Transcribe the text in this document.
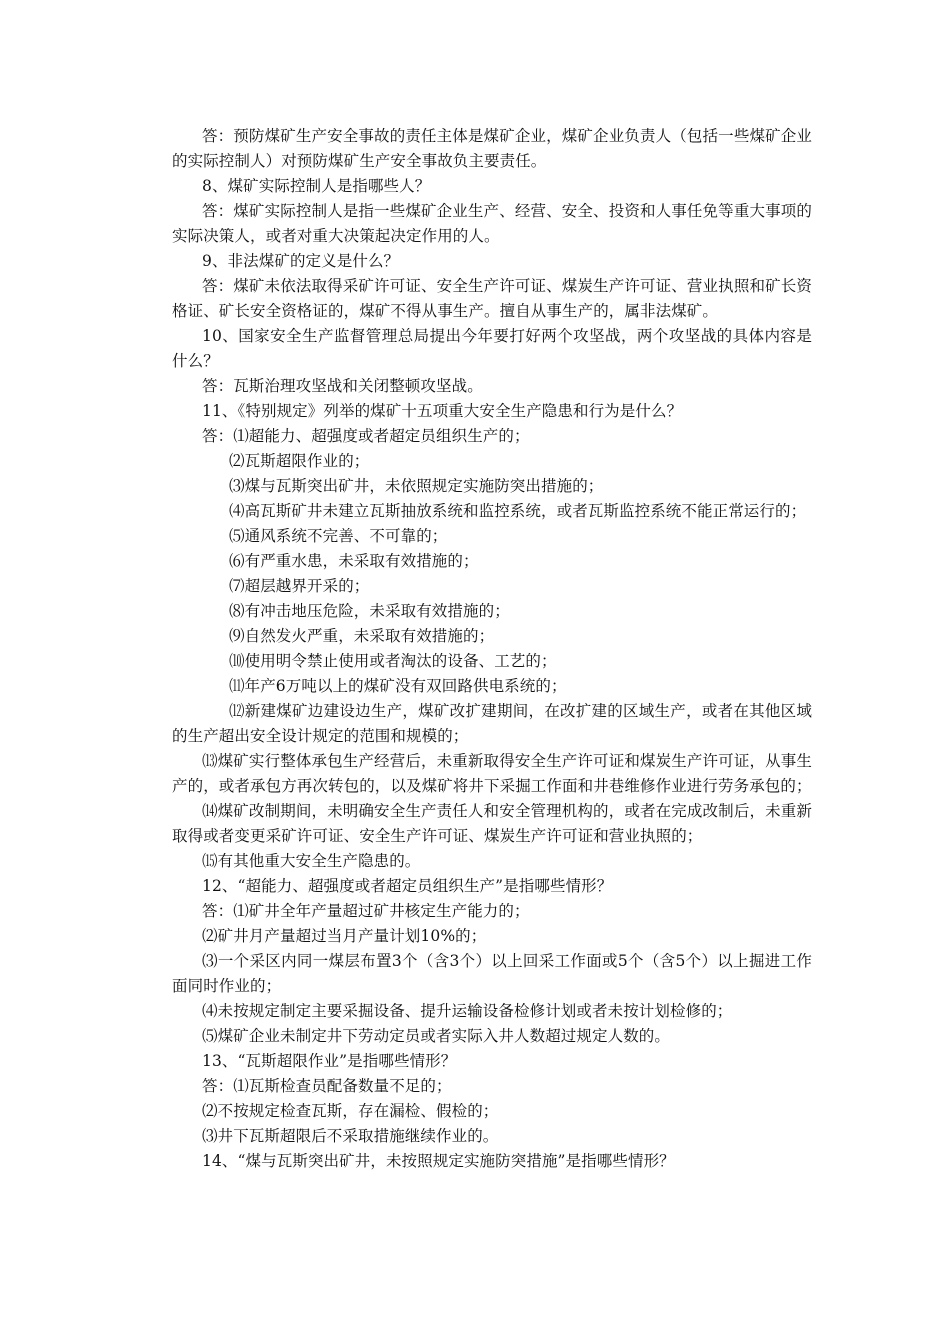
答：预防煤矿生产安全事故的责任主体是煤矿企业，煤矿企业负责人（包括一些煤矿企业的实际控制人）对预防煤矿生产安全事故负主要责任。

8、煤矿实际控制人是指哪些人？

答：煤矿实际控制人是指一些煤矿企业生产、经营、安全、投资和人事任免等重大事项的实际决策人，或者对重大决策起决定作用的人。

9、非法煤矿的定义是什么？

答：煤矿未依法取得采矿许可证、安全生产许可证、煤炭生产许可证、营业执照和矿长资格证、矿长安全资格证的，煤矿不得从事生产。擅自从事生产的，属非法煤矿。

10、国家安全生产监督管理总局提出今年要打好两个攻坚战，两个攻坚战的具体内容是什么？

答：瓦斯治理攻坚战和关闭整顿攻坚战。

11、《特别规定》列举的煤矿十五项重大安全生产隐患和行为是什么？

答：⑴超能力、超强度或者超定员组织生产的；

⑵瓦斯超限作业的；

⑶煤与瓦斯突出矿井，未依照规定实施防突出措施的；

⑷高瓦斯矿井未建立瓦斯抽放系统和监控系统，或者瓦斯监控系统不能正常运行的；

⑸通风系统不完善、不可靠的；

⑹有严重水患，未采取有效措施的；

⑺超层越界开采的；

⑻有冲击地压危险，未采取有效措施的；

⑼自然发火严重，未采取有效措施的；

⑽使用明令禁止使用或者淘汰的设备、工艺的；

⑾年产6万吨以上的煤矿没有双回路供电系统的；

⑿新建煤矿边建设边生产，煤矿改扩建期间，在改扩建的区域生产，或者在其他区域的生产超出安全设计规定的范围和规模的；

⒀煤矿实行整体承包生产经营后，未重新取得安全生产许可证和煤炭生产许可证，从事生产的，或者承包方再次转包的，以及煤矿将井下采掘工作面和井巷维修作业进行劳务承包的；

⒁煤矿改制期间，未明确安全生产责任人和安全管理机构的，或者在完成改制后，未重新取得或者变更采矿许可证、安全生产许可证、煤炭生产许可证和营业执照的；

⒂有其他重大安全生产隐患的。

12、“超能力、超强度或者超定员组织生产”是指哪些情形？

答：⑴矿井全年产量超过矿井核定生产能力的；

⑵矿井月产量超过当月产量计划10%的；

⑶一个采区内同一煤层布置3个（含3个）以上回采工作面或5个（含5个）以上掘进工作面同时作业的；

⑷未按规定制定主要采掘设备、提升运输设备检修计划或者未按计划检修的；

⑸煤矿企业未制定井下劳动定员或者实际入井人数超过规定人数的。

13、“瓦斯超限作业”是指哪些情形？

答：⑴瓦斯检查员配备数量不足的；

⑵不按规定检查瓦斯，存在漏检、假检的；

⑶井下瓦斯超限后不采取措施继续作业的。

14、“煤与瓦斯突出矿井，未按照规定实施防突措施”是指哪些情形？
